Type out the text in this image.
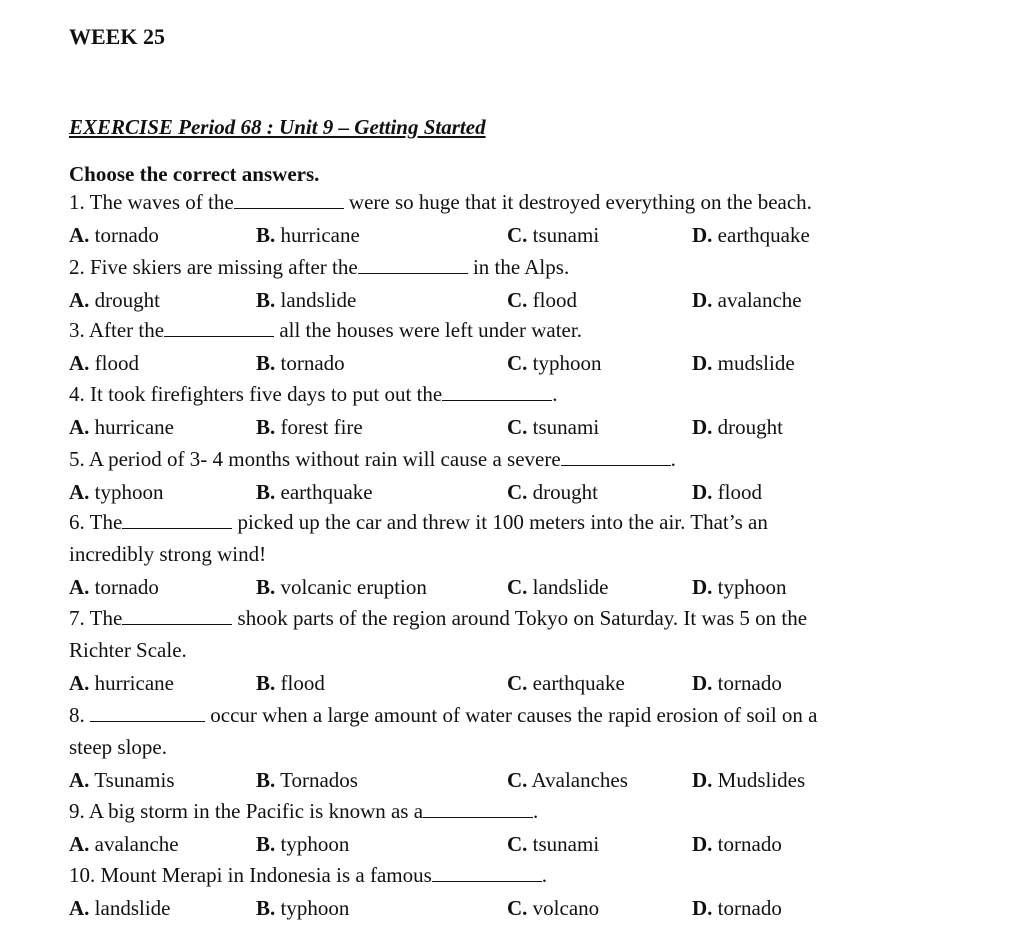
WEEK 25
EXERCISE Period 68 : Unit 9 – Getting Started
Choose the correct answers.
1. The waves of the	were so huge that it destroyed everything on the beach.
A. tornado	B. hurricane	C. tsunami	D. earthquake
2. Five skiers are missing after the	in the Alps.
A. drought	B. landslide	C. flood	D. avalanche
3. After the	all the houses were left under water.
A. flood	B. tornado	C. typhoon	D. mudslide
4. It took firefighters five days to put out the	.
A. hurricane	B. forest fire	C. tsunami	D. drought
5. A period of 3- 4 months without rain will cause a severe	.
A. typhoon	B. earthquake	C. drought	D. flood
6. The	picked up the car and threw it 100 meters into the air. That’s an
incredibly strong wind!
A. tornado	B. volcanic eruption	C. landslide	D. typhoon
7. The	shook parts of the region around Tokyo on Saturday. It was 5 on the
Richter Scale.
A. hurricane	B. flood	C. earthquake	D. tornado
8.	occur when a large amount of water causes the rapid erosion of soil on a
steep slope.
A. Tsunamis	B. Tornados	C. Avalanches	D. Mudslides
9. A big storm in the Pacific is known as a	.
A. avalanche	B. typhoon	C. tsunami	D. tornado
10. Mount Merapi in Indonesia is a famous	.
A. landslide	B. typhoon	C. volcano	D. tornado
